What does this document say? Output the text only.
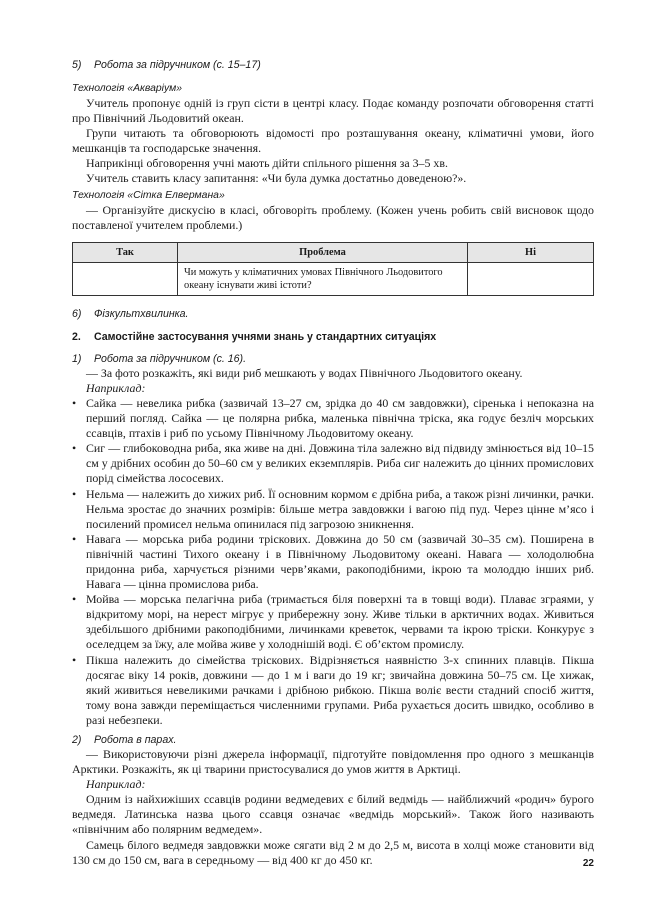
5) Робота за підручником (с. 15–17)
Технологія «Акваріум»

Учитель пропонує одній із груп сісти в центрі класу. Подає команду розпочати обговорення статті про Північний Льодовитий океан.

Групи читають та обговорюють відомості про розташування океану, кліматичні умови, його мешканців та господарське значення.

Наприкінці обговорення учні мають дійти спільного рішення за 3–5 хв.

Учитель ставить класу запитання: «Чи була думка достатньо доведеною?».

Технологія «Сітка Елвермана»

— Організуйте дискусію в класі, обговоріть проблему. (Кожен учень робить свій висновок щодо поставленої учителем проблеми.)

Так	Проблема	Ні
	Чи можуть у кліматичних умовах Північного Льодовитого океану існувати живі істоти?	
6) Фізкультхвилинка.
2. Самостійне застосування учнями знань у стандартних ситуаціях
1) Робота за підручником (с. 16).

— За фото розкажіть, які види риб мешкають у водах Північного Льодовитого океану.

Наприклад:

• Сайка — невелика рибка (зазвичай 13–27 см, зрідка до 40 см завдовжки), сіренька і непоказна на перший погляд. Сайка — це полярна рибка, маленька північна тріска, яка годує безліч морських ссавців, птахів і риб по усьому Північному Льодовитому океану.
• Сиг — глибоководна риба, яка живе на дні. Довжина тіла залежно від підвиду змінюється від 10–15 см у дрібних особин до 50–60 см у великих екземплярів. Риба сиг належить до цінних промислових порід сімейства лососевих.
• Нельма — належить до хижих риб. Її основним кормом є дрібна риба, а також різні личинки, рачки. Нельма зростає до значних розмірів: більше метра завдовжки і вагою під пуд. Через цінне м’ясо і посилений промисел нельма опинилася під загрозою зникнення.
• Навага — морська риба родини тріскових. Довжина до 50 см (зазвичай 30–35 см). Поширена в північній частині Тихого океану і в Північному Льодовитому океані. Навага — холодолюбна придонна риба, харчується різними черв’яками, ракоподібними, ікрою та молоддю інших риб. Навага — цінна промислова риба.
• Мойва — морська пелагічна риба (тримається біля поверхні та в товщі води). Плаває зграями, у відкритому морі, на нерест мігрує у прибережну зону. Живе тільки в арктичних водах. Живиться здебільшого дрібними ракоподібними, личинками креветок, червами та ікрою тріски. Конкурує з оселедцем за їжу, але мойва живе у холоднішій воді. Є об’єктом промислу.
• Пікша належить до сімейства тріскових. Відрізняється наявністю 3-х спинних плавців. Пікша досягає віку 14 років, довжини — до 1 м і ваги до 19 кг; звичайна довжина 50–75 см. Це хижак, який живиться невеликими рачками і дрібною рибкою. Пікша воліє вести стадний спосіб життя, тому вона завжди переміщається численними групами. Риба рухається досить швидко, особливо в разі небезпеки.
2) Робота в парах.

— Використовуючи різні джерела інформації, підготуйте повідомлення про одного з мешканців Арктики. Розкажіть, як ці тварини пристосувалися до умов життя в Арктиці.

Наприклад:

Одним із найхижіших ссавців родини ведмедевих є білий ведмідь — найближчий «родич» бурого ведмедя. Латинська назва цього ссавця означає «ведмідь морський». Також його називають «північним або полярним ведмедем».

Самець білого ведмедя завдовжки може сягати від 2 м до 2,5 м, висота в холці може становити від 130 см до 150 см, вага в середньому — від 400 кг до 450 кг.	22
